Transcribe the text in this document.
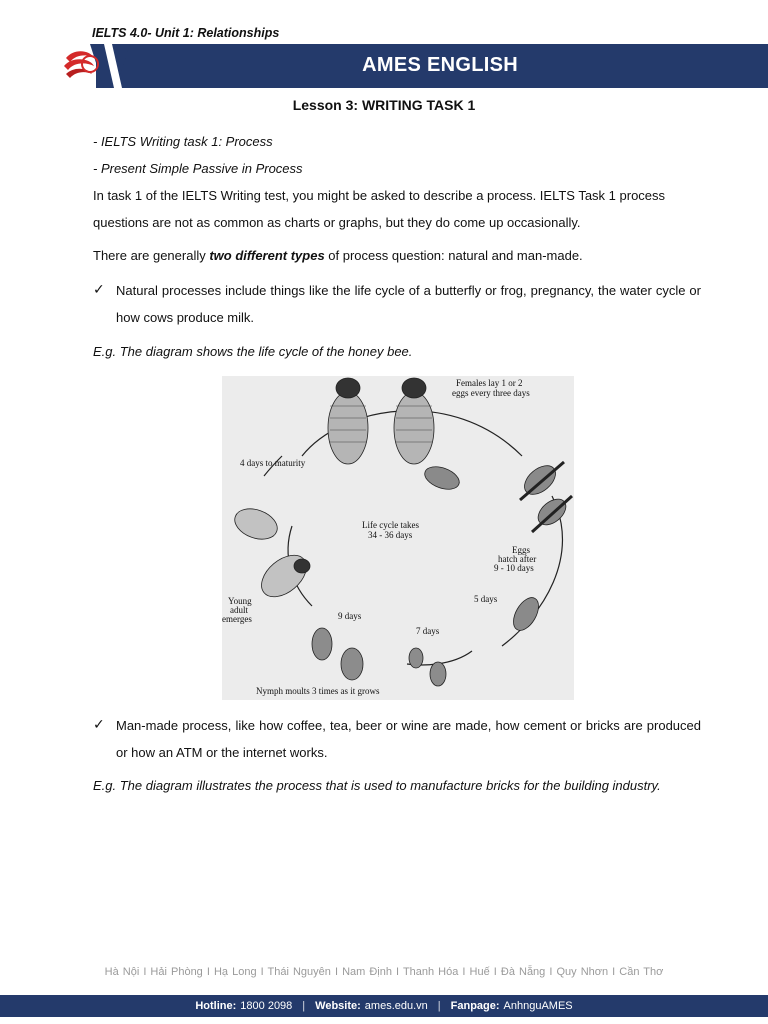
IELTS 4.0- Unit 1: Relationships
AMES ENGLISH
Lesson 3: WRITING TASK 1
- IELTS Writing task 1: Process
- Present Simple Passive in Process
In task 1 of the IELTS Writing test, you might be asked to describe a process. IELTS Task 1 process questions are not as common as charts or graphs, but they do come up occasionally.
There are generally two different types of process question: natural and man-made.
✓ Natural processes include things like the life cycle of a butterfly or frog, pregnancy, the water cycle or how cows produce milk.
E.g. The diagram shows the life cycle of the honey bee.
Females lay 1 or 2
eggs every three days
4 days to maturity
Life cycle takes
34 - 36 days
Eggs
hatch after
9 - 10 days
5 days
Young
adult
emerges	9 days
7 days
Nymph moults 3 times as it grows
✓ Man-made process, like how coffee, tea, beer or wine are made, how cement or bricks are produced or how an ATM or the internet works.
E.g. The diagram illustrates the process that is used to manufacture bricks for the building industry.
Hà Nội I Hải Phòng I Hạ Long I Thái Nguyên I Nam Định I Thanh Hóa I Huế I Đà Nẵng I Quy Nhơn I Cần Thơ
Hotline: 1800 2098 | Website: ames.edu.vn | Fanpage: AnhnguAMES
